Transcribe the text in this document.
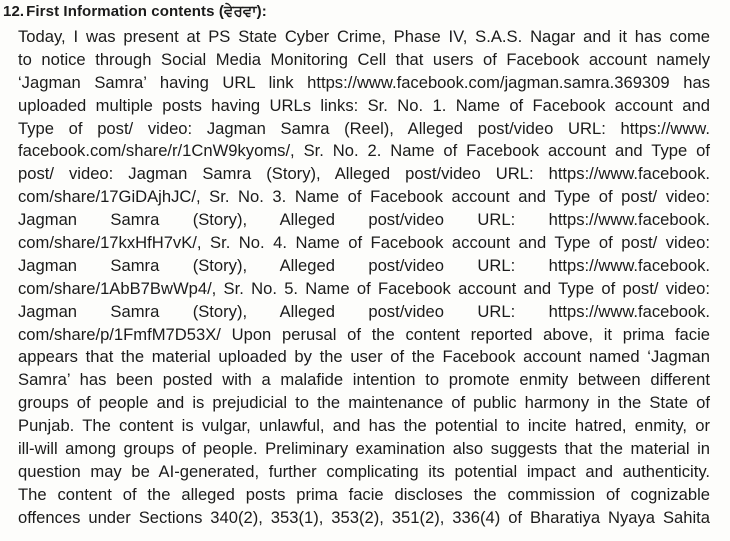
12. First Information contents (ਵੇਰਵਾ):
Today, I was present at PS State Cyber Crime, Phase IV, S.A.S. Nagar and it has come
to notice through Social Media Monitoring Cell that users of Facebook account namely
‘Jagman Samra’ having URL link https://www.facebook.com/jagman.samra.369309 has
uploaded multiple posts having URLs links: Sr. No. 1. Name of Facebook account and
Type of post/ video: Jagman Samra (Reel), Alleged post/video URL: https://www.
facebook.com/share/r/1CnW9kyoms/, Sr. No. 2. Name of Facebook account and Type of
post/ video: Jagman Samra (Story), Alleged post/video URL: https://www.facebook.
com/share/17GiDAjhJC/, Sr. No. 3. Name of Facebook account and Type of post/ video:
Jagman Samra (Story), Alleged post/video URL: https://www.facebook.
com/share/17kxHfH7vK/, Sr. No. 4. Name of Facebook account and Type of post/ video:
Jagman Samra (Story), Alleged post/video URL: https://www.facebook.
com/share/1AbB7BwWp4/, Sr. No. 5. Name of Facebook account and Type of post/ video:
Jagman Samra (Story), Alleged post/video URL: https://www.facebook.
com/share/p/1FmfM7D53X/ Upon perusal of the content reported above, it prima facie
appears that the material uploaded by the user of the Facebook account named ‘Jagman
Samra’ has been posted with a malafide intention to promote enmity between different
groups of people and is prejudicial to the maintenance of public harmony in the State of
Punjab. The content is vulgar, unlawful, and has the potential to incite hatred, enmity, or
ill-will among groups of people. Preliminary examination also suggests that the material in
question may be AI-generated, further complicating its potential impact and authenticity.
The content of the alleged posts prima facie discloses the commission of cognizable
offences under Sections 340(2), 353(1), 353(2), 351(2), 336(4) of Bharatiya Nyaya Sahita
